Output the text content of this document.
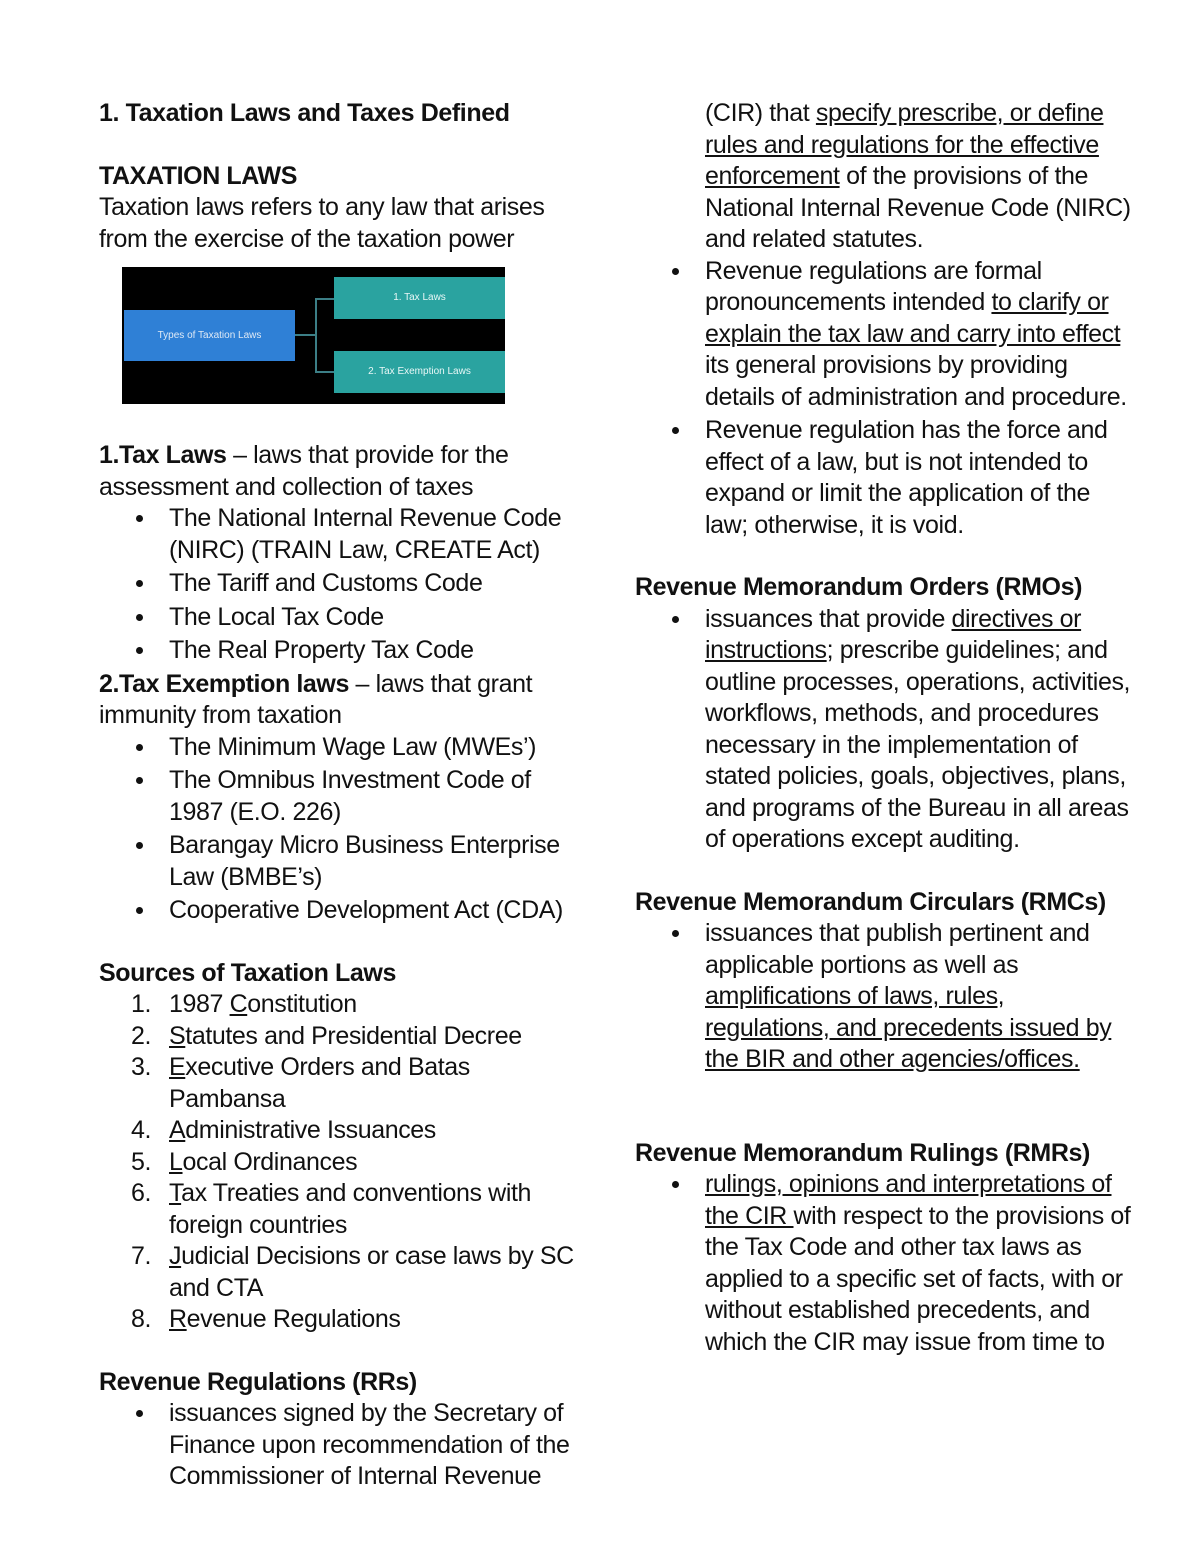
1. Taxation Laws and Taxes Defined
TAXATION LAWS
Taxation laws refers to any law that arises
from the exercise of the taxation power
Types of Taxation Laws
1. Tax Laws
2. Tax Exemption Laws
1.Tax Laws – laws that provide for the assessment and collection of taxes
The National Internal Revenue Code (NIRC) (TRAIN Law, CREATE Act)
The Tariff and Customs Code
The Local Tax Code
The Real Property Tax Code
2.Tax Exemption laws – laws that grant immunity from taxation
The Minimum Wage Law (MWEs’)
The Omnibus Investment Code of 1987 (E.O. 226)
Barangay Micro Business Enterprise Law (BMBE’s)
Cooperative Development Act (CDA)
Sources of Taxation Laws
1. 1987 Constitution
2. Statutes and Presidential Decree
3. Executive Orders and Batas Pambansa
4. Administrative Issuances
5. Local Ordinances
6. Tax Treaties and conventions with foreign countries
7. Judicial Decisions or case laws by SC and CTA
8. Revenue Regulations
Revenue Regulations (RRs)
issuances signed by the Secretary of Finance upon recommendation of the Commissioner of Internal Revenue
(CIR) that specify prescribe, or define rules and regulations for the effective enforcement of the provisions of the National Internal Revenue Code (NIRC) and related statutes.
Revenue regulations are formal pronouncements intended to clarify or explain the tax law and carry into effect its general provisions by providing details of administration and procedure.
Revenue regulation has the force and effect of a law, but is not intended to expand or limit the application of the law; otherwise, it is void.
Revenue Memorandum Orders (RMOs)
issuances that provide directives or instructions; prescribe guidelines; and outline processes, operations, activities, workflows, methods, and procedures necessary in the implementation of stated policies, goals, objectives, plans, and programs of the Bureau in all areas of operations except auditing.
Revenue Memorandum Circulars (RMCs)
issuances that publish pertinent and applicable portions as well as amplifications of laws, rules, regulations, and precedents issued by the BIR and other agencies/offices.
Revenue Memorandum Rulings (RMRs)
rulings, opinions and interpretations of the CIR with respect to the provisions of the Tax Code and other tax laws as applied to a specific set of facts, with or without established precedents, and which the CIR may issue from time to
